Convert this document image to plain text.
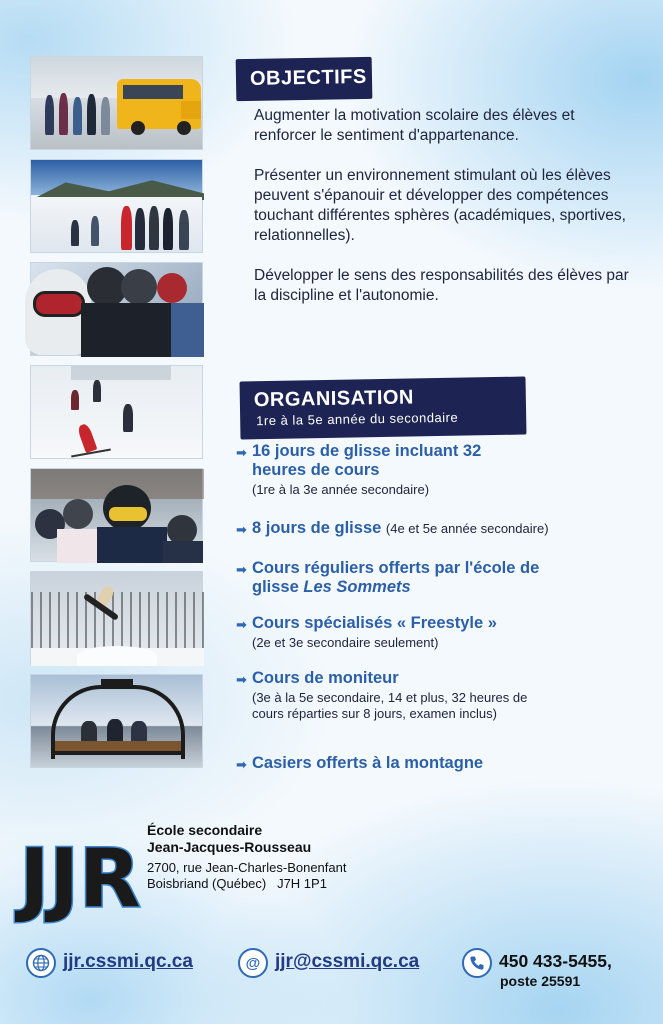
OBJECTIFS

Augmenter la motivation scolaire des élèves et renforcer le sentiment d'appartenance.

Présenter un environnement stimulant où les élèves peuvent s'épanouir et développer des compétences touchant différentes sphères (académiques, sportives, relationnelles).

Développer le sens des responsabilités des élèves par la discipline et l'autonomie.

ORGANISATION
1re à la 5e année du secondaire
➡ 16 jours de glisse incluant 32 heures de cours
(1re à la 3e année secondaire)
➡ 8 jours de glisse (4e et 5e année secondaire)
➡ Cours réguliers offerts par l'école de glisse Les Sommets
➡ Cours spécialisés « Freestyle »
(2e et 3e secondaire seulement)
➡ Cours de moniteur
(3e à la 5e secondaire, 14 et plus, 32 heures de cours réparties sur 8 jours, examen inclus)
➡ Casiers offerts à la montagne
JJR
École secondaire
Jean-Jacques-Rousseau
2700, rue Jean-Charles-Bonenfant
Boisbriand (Québec)   J7H 1P1
jjr.cssmi.qc.ca	@ jjr@cssmi.qc.ca	450 433-5455,
poste 25591
